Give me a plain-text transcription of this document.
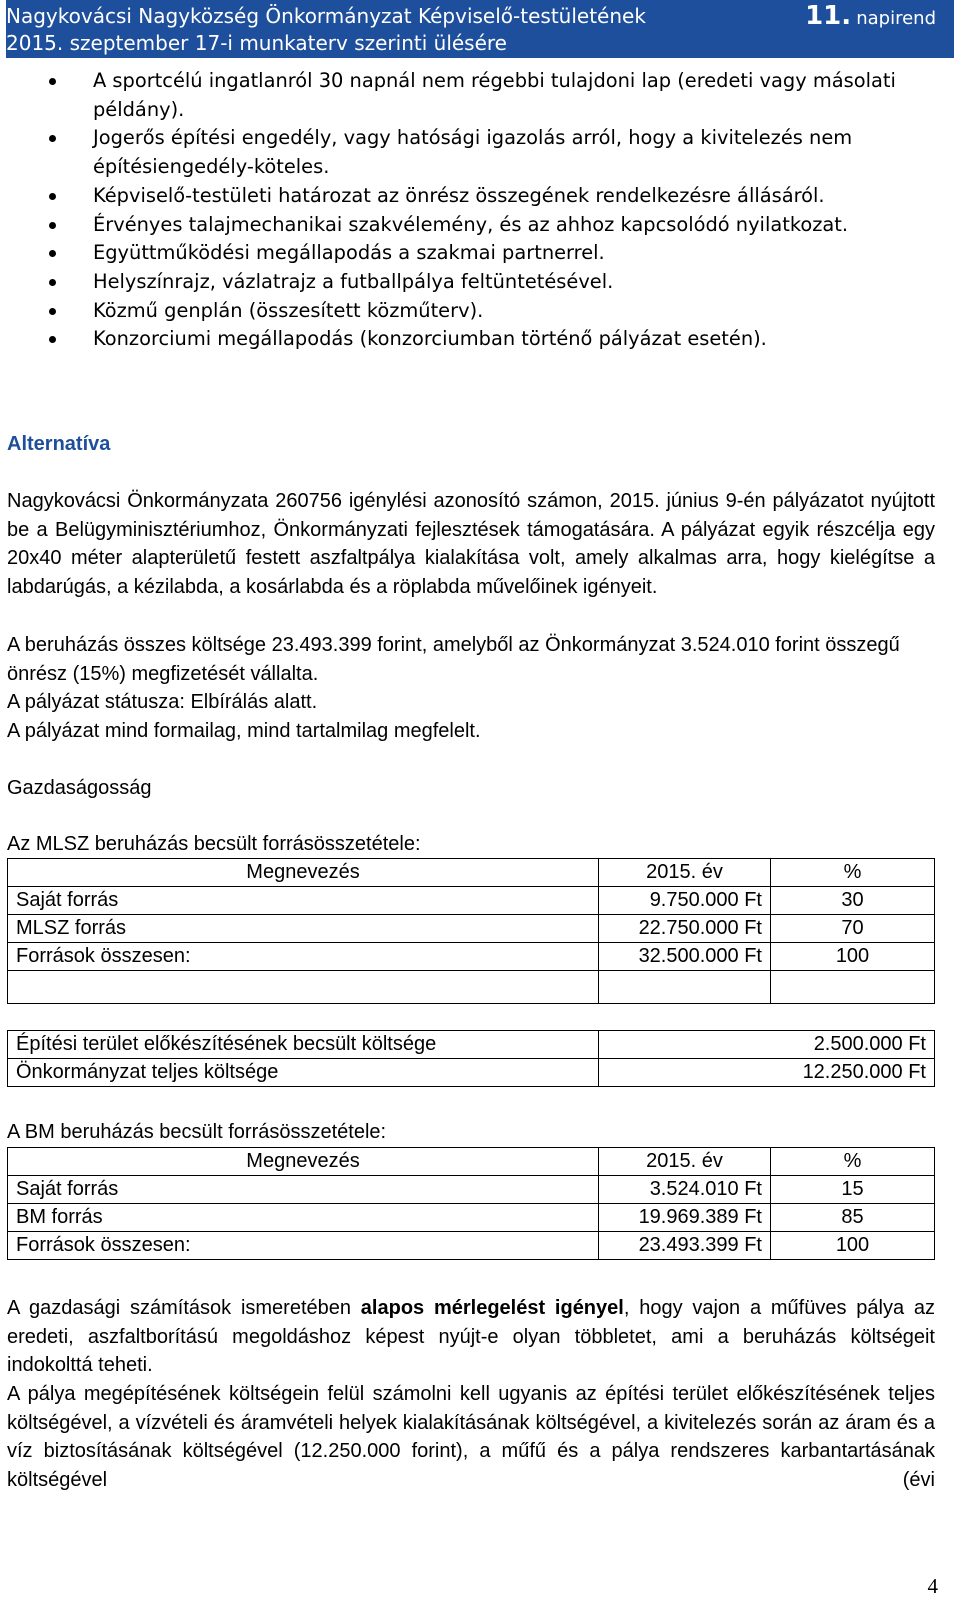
Nagykovácsi Nagyközség Önkormányzat Képviselő-testületének
2015. szeptember 17-i munkaterv szerinti ülésére
11. napirend
A sportcélú ingatlanról 30 napnál nem régebbi tulajdoni lap (eredeti vagy másolati példány).
Jogerős építési engedély, vagy hatósági igazolás arról, hogy a kivitelezés nem építésiengedély-köteles.
Képviselő-testületi határozat az önrész összegének rendelkezésre állásáról.
Érvényes talajmechanikai szakvélemény, és az ahhoz kapcsolódó nyilatkozat.
Együttműködési megállapodás a szakmai partnerrel.
Helyszínrajz, vázlatrajz a futballpálya feltüntetésével.
Közmű genplán (összesített közműterv).
Konzorciumi megállapodás (konzorciumban történő pályázat esetén).
Alternatíva

Nagykovácsi Önkormányzata 260756 igénylési azonosító számon, 2015. június 9-én pályázatot nyújtott be a Belügyminisztériumhoz, Önkormányzati fejlesztések támogatására. A pályázat egyik részcélja egy 20x40 méter alapterületű festett aszfaltpálya kialakítása volt, amely alkalmas arra, hogy kielégítse a labdarúgás, a kézilabda, a kosárlabda és a röplabda művelőinek igényeit.

A beruházás összes költsége 23.493.399 forint, amelyből az Önkormányzat 3.524.010 forint összegű önrész (15%) megfizetését vállalta.

A pályázat státusza: Elbírálás alatt.

A pályázat mind formailag, mind tartalmilag megfelelt.

Gazdaságosság

Az MLSZ beruházás becsült forrásösszetétele:

Megnevezés	2015. év	%
Saját forrás	9.750.000 Ft	30
MLSZ forrás	22.750.000 Ft	70
Források összesen:	32.500.000 Ft	100

Építési terület előkészítésének becsült költsége	2.500.000 Ft
Önkormányzat teljes költsége	12.250.000 Ft

A BM beruházás becsült forrásösszetétele:

Megnevezés	2015. év	%
Saját forrás	3.524.010 Ft	15
BM forrás	19.969.389 Ft	85
Források összesen:	23.493.399 Ft	100

A gazdasági számítások ismeretében alapos mérlegelést igényel, hogy vajon a műfüves pálya az eredeti, aszfaltborítású megoldáshoz képest nyújt-e olyan többletet, ami a beruházás költségeit indokolttá teheti.

A pálya megépítésének költségein felül számolni kell ugyanis az építési terület előkészítésének teljes költségével, a vízvételi és áramvételi helyek kialakításának költségével, a kivitelezés során az áram és a víz biztosításának költségével (12.250.000 forint), a műfű és a pálya rendszeres karbantartásának költségével (évi

4
